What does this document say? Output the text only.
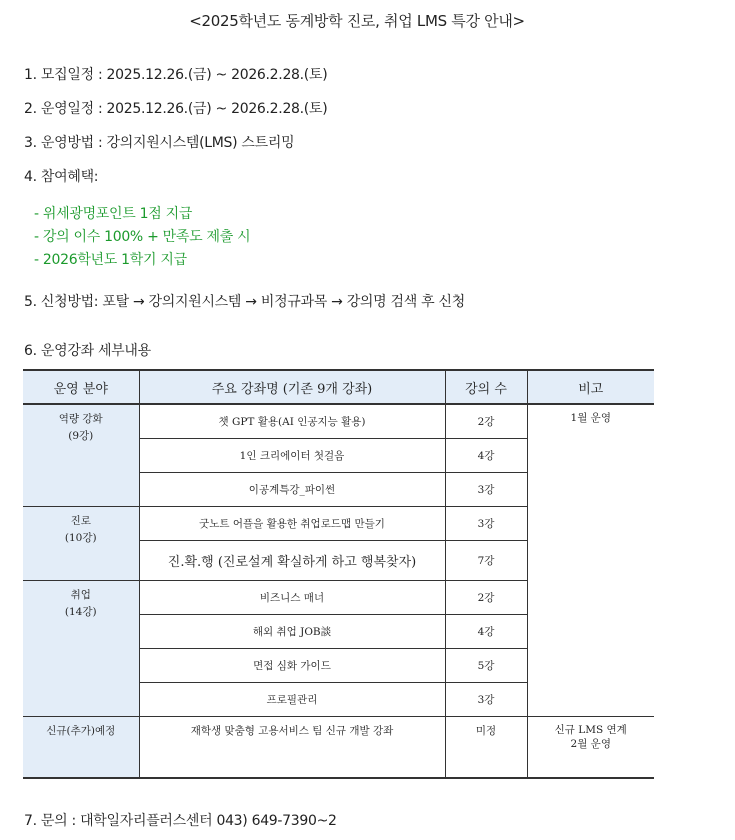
<2025학년도 동계방학 진로, 취업 LMS 특강 안내>
1. 모집일정 : 2025.12.26.(금) ~ 2026.2.28.(토)
2. 운영일정 : 2025.12.26.(금) ~ 2026.2.28.(토)
3. 운영방법 : 강의지원시스템(LMS) 스트리밍
4. 참여혜택:
- 위세광명포인트 1점 지급
- 강의 이수 100% + 만족도 제출 시
- 2026학년도 1학기 지급
5. 신청방법: 포탈 → 강의지원시스템 → 비정규과목 → 강의명 검색 후 신청
6. 운영강좌 세부내용
운영 분야	주요 강좌명 (기존 9개 강좌)	강의 수	비고
역량 강화
(9강)	챗 GPT 활용(AI 인공지능 활용)	2강	1월 운영
	1인 크리에이터 첫걸음	4강	
	이공계특강_파이썬	3강	
진로
(10강)	굿노트 어플을 활용한 취업로드맵 만들기	3강	
	진.확.행 (진로설계 확실하게 하고 행복찾자)	7강	
취업
(14강)	비즈니스 매너	2강	
	해외 취업 JOB談	4강	
	면접 심화 가이드	5강	
	프로필관리	3강	
신규(추가)예정	재학생 맞춤형 고용서비스 팀 신규 개발 강좌	미정	신규 LMS 연계
2월 운영
7. 문의 : 대학일자리플러스센터 043) 649-7390~2
